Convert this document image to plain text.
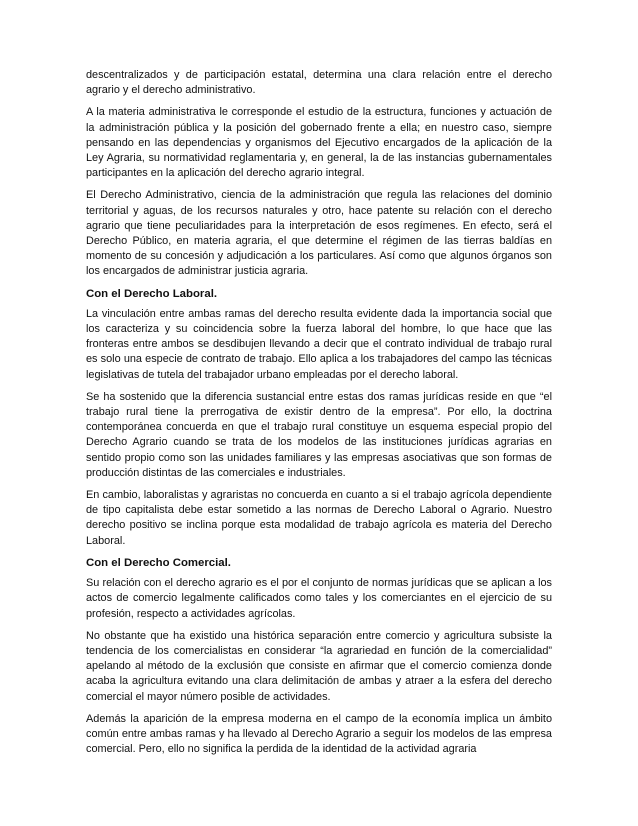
descentralizados y de participación estatal, determina una clara relación entre el derecho agrario y el derecho administrativo.

A la materia administrativa le corresponde el estudio de la estructura, funciones y actuación de la administración pública y la posición del gobernado frente a ella; en nuestro caso, siempre pensando en las dependencias y organismos del Ejecutivo encargados de la aplicación de la Ley Agraria, su normatividad reglamentaria y, en general, la de las instancias gubernamentales participantes en la aplicación del derecho agrario integral.

El Derecho Administrativo, ciencia de la administración que regula las relaciones del dominio territorial y aguas, de los recursos naturales y otro, hace patente su relación con el derecho agrario que tiene peculiaridades para la interpretación de esos regímenes. En efecto, será el Derecho Público, en materia agraria, el que determine el régimen de las tierras baldías en momento de su concesión y adjudicación a los particulares. Así como que algunos órganos son los encargados de administrar justicia agraria.

Con el Derecho Laboral.

La vinculación entre ambas ramas del derecho resulta evidente dada la importancia social que los caracteriza y su coincidencia sobre la fuerza laboral del hombre, lo que hace que las fronteras entre ambos se desdibujen llevando a decir que el contrato individual de trabajo rural es solo una especie de contrato de trabajo. Ello aplica a los trabajadores del campo las técnicas legislativas de tutela del trabajador urbano empleadas por el derecho laboral.

Se ha sostenido que la diferencia sustancial entre estas dos ramas jurídicas reside en que “el trabajo rural tiene la prerrogativa de existir dentro de la empresa”. Por ello, la doctrina contemporánea concuerda en que el trabajo rural constituye un esquema especial propio del Derecho Agrario cuando se trata de los modelos de las instituciones jurídicas agrarias en sentido propio como son las unidades familiares y las empresas asociativas que son formas de producción distintas de las comerciales e industriales.

En cambio, laboralistas y agraristas no concuerda en cuanto a si el trabajo agrícola dependiente de tipo capitalista debe estar sometido a las normas de Derecho Laboral o Agrario. Nuestro derecho positivo se inclina porque esta modalidad de trabajo agrícola es materia del Derecho Laboral.

Con el Derecho Comercial.

Su relación con el derecho agrario es el por el conjunto de normas jurídicas que se aplican a los actos de comercio legalmente calificados como tales y los comerciantes en el ejercicio de su profesión, respecto a actividades agrícolas.

No obstante que ha existido una histórica separación entre comercio y agricultura subsiste la tendencia de los comercialistas en considerar “la agrariedad en función de la comercialidad” apelando al método de la exclusión que consiste en afirmar que el comercio comienza donde acaba la agricultura evitando una clara delimitación de ambas y atraer a la esfera del derecho comercial el mayor número posible de actividades.

Además la aparición de la empresa moderna en el campo de la economía implica un ámbito común entre ambas ramas y ha llevado al Derecho Agrario a seguir los modelos de las empresa comercial. Pero, ello no significa la perdida de la identidad de la actividad agraria
